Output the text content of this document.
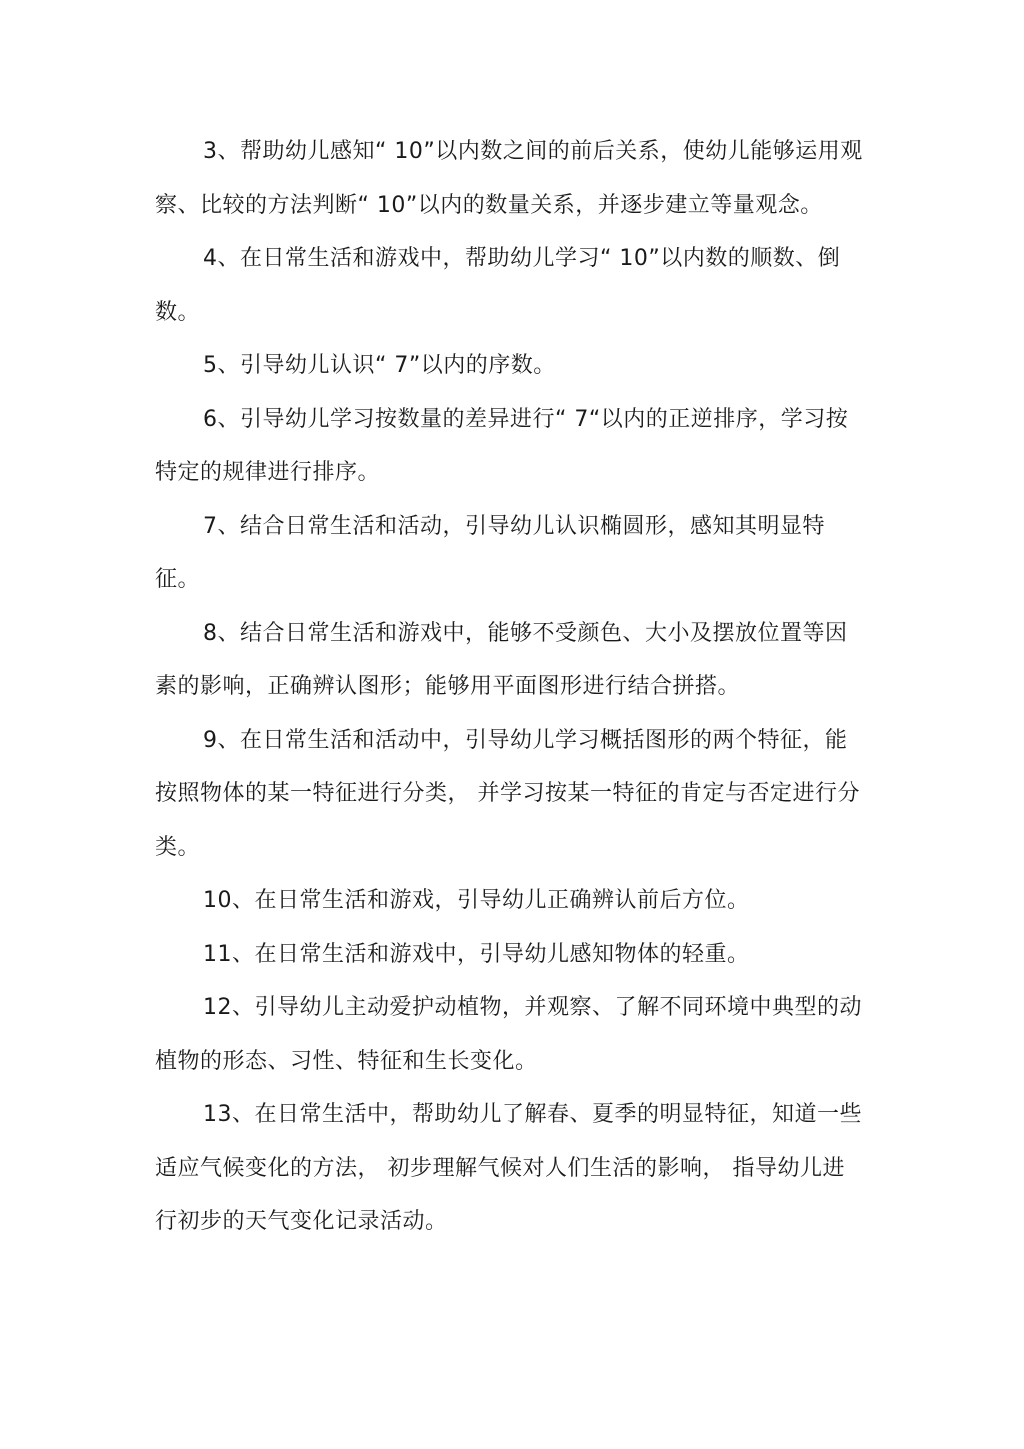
3、帮助幼儿感知“ 10”以内数之间的前后关系，使幼儿能够运用观察、比较的方法判断“ 10”以内的数量关系，并逐步建立等量观念。

4、在日常生活和游戏中，帮助幼儿学习“ 10”以内数的顺数、倒数。

5、引导幼儿认识“ 7”以内的序数。

6、引导幼儿学习按数量的差异进行“ 7“以内的正逆排序，学习按特定的规律进行排序。

7、结合日常生活和活动，引导幼儿认识椭圆形，感知其明显特征。

8、结合日常生活和游戏中，能够不受颜色、大小及摆放位置等因素的影响，正确辨认图形；能够用平面图形进行结合拼搭。

9、在日常生活和活动中，引导幼儿学习概括图形的两个特征，能按照物体的某一特征进行分类， 并学习按某一特征的肯定与否定进行分类。

10、在日常生活和游戏，引导幼儿正确辨认前后方位。

11、在日常生活和游戏中，引导幼儿感知物体的轻重。

12、引导幼儿主动爱护动植物，并观察、了解不同环境中典型的动植物的形态、习性、特征和生长变化。

13、在日常生活中，帮助幼儿了解春、夏季的明显特征，知道一些适应气候变化的方法， 初步理解气候对人们生活的影响， 指导幼儿进行初步的天气变化记录活动。
